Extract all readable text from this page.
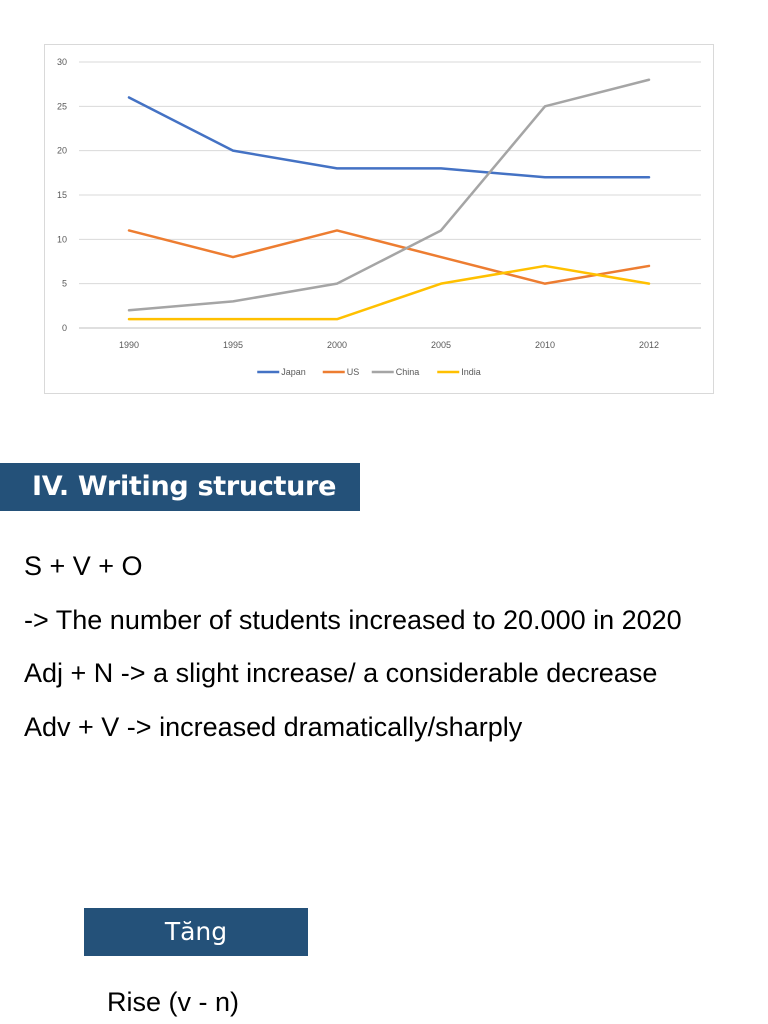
0
5
10
15
20
25
30
1990	1995	2000	2005	2010	2012
Japan	US	China	India
IV. Writing structure
S + V + O
-> The number of students increased to 20.000 in 2020
Adj + N -> a slight increase/ a considerable decrease
Adv + V -> increased dramatically/sharply
Tăng
Rise (v - n)
